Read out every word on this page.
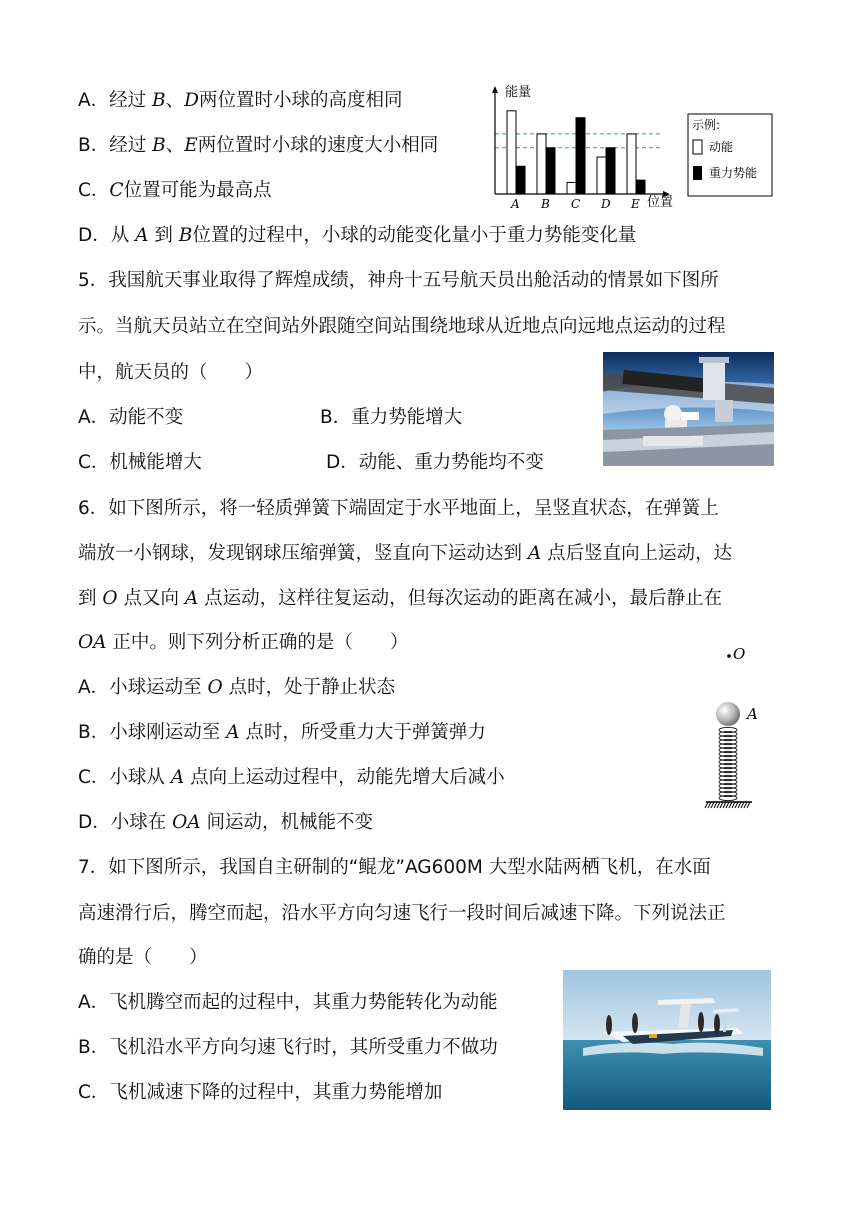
A．经过 B、D两位置时小球的高度相同
B．经过 B、E两位置时小球的速度大小相同
C．C位置可能为最高点
D．从 A 到 B位置的过程中，小球的动能变化量小于重力势能变化量
能量
位置
A B C D E
示例:
动能
重力势能
5．我国航天事业取得了辉煌成绩，神舟十五号航天员出舱活动的情景如下图所
示。当航天员站立在空间站外跟随空间站围绕地球从近地点向远地点运动的过程
中，航天员的（　　）
A．动能不变	B．重力势能增大
C．机械能增大	D．动能、重力势能均不变
6．如下图所示，将一轻质弹簧下端固定于水平地面上，呈竖直状态，在弹簧上
端放一小钢球，发现钢球压缩弹簧，竖直向下运动达到 A 点后竖直向上运动，达
到 O 点又向 A 点运动，这样往复运动，但每次运动的距离在减小，最后静止在
OA 正中。则下列分析正确的是（　　）
A．小球运动至 O 点时，处于静止状态
B．小球刚运动至 A 点时，所受重力大于弹簧弹力
C．小球从 A 点向上运动过程中，动能先增大后减小
D．小球在 OA 间运动，机械能不变
O
A
7．如下图所示，我国自主研制的“鲲龙”AG600M 大型水陆两栖飞机，在水面
高速滑行后，腾空而起，沿水平方向匀速飞行一段时间后减速下降。下列说法正
确的是（　　）
A．飞机腾空而起的过程中，其重力势能转化为动能
B．飞机沿水平方向匀速飞行时，其所受重力不做功
C．飞机减速下降的过程中，其重力势能增加
